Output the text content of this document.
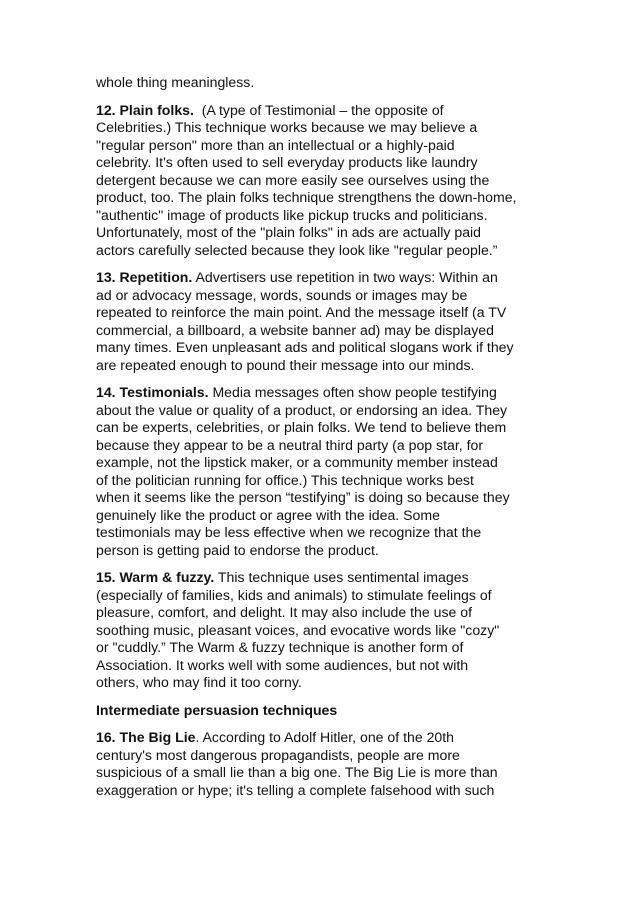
whole thing meaningless.
12. Plain folks.  (A type of Testimonial – the opposite of
Celebrities.) This technique works because we may believe a
"regular person" more than an intellectual or a highly-paid
celebrity. It's often used to sell everyday products like laundry
detergent because we can more easily see ourselves using the
product, too. The plain folks technique strengthens the down-home,
"authentic" image of products like pickup trucks and politicians.
Unfortunately, most of the "plain folks" in ads are actually paid
actors carefully selected because they look like "regular people.”
13. Repetition. Advertisers use repetition in two ways: Within an
ad or advocacy message, words, sounds or images may be
repeated to reinforce the main point. And the message itself (a TV
commercial, a billboard, a website banner ad) may be displayed
many times. Even unpleasant ads and political slogans work if they
are repeated enough to pound their message into our minds.
14. Testimonials. Media messages often show people testifying
about the value or quality of a product, or endorsing an idea. They
can be experts, celebrities, or plain folks. We tend to believe them
because they appear to be a neutral third party (a pop star, for
example, not the lipstick maker, or a community member instead
of the politician running for office.) This technique works best
when it seems like the person “testifying” is doing so because they
genuinely like the product or agree with the idea. Some
testimonials may be less effective when we recognize that the
person is getting paid to endorse the product.
15. Warm & fuzzy. This technique uses sentimental images
(especially of families, kids and animals) to stimulate feelings of
pleasure, comfort, and delight. It may also include the use of
soothing music, pleasant voices, and evocative words like "cozy"
or "cuddly.” The Warm & fuzzy technique is another form of
Association. It works well with some audiences, but not with
others, who may find it too corny.
Intermediate persuasion techniques
16. The Big Lie. According to Adolf Hitler, one of the 20th
century's most dangerous propagandists, people are more
suspicious of a small lie than a big one. The Big Lie is more than
exaggeration or hype; it's telling a complete falsehood with such
